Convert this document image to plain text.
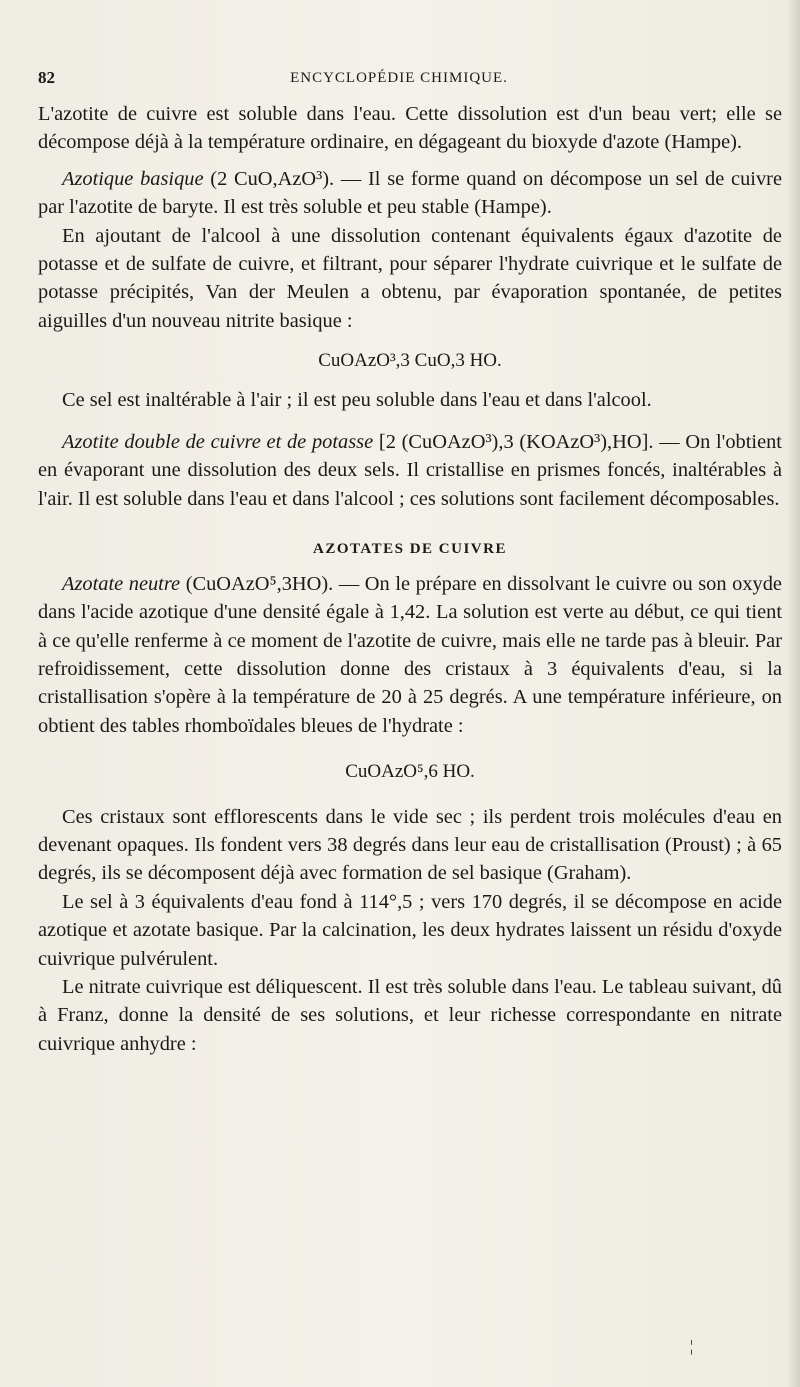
82	ENCYCLOPÉDIE CHIMIQUE.

L'azotite de cuivre est soluble dans l'eau. Cette dissolution est d'un beau vert; elle se décompose déjà à la température ordinaire, en dégageant du bioxyde d'azote (Hampe).

Azotique basique (2 CuO,AzO³). — Il se forme quand on décompose un sel de cuivre par l'azotite de baryte. Il est très soluble et peu stable (Hampe).

En ajoutant de l'alcool à une dissolution contenant équivalents égaux d'azotite de potasse et de sulfate de cuivre, et filtrant, pour séparer l'hydrate cuivrique et le sulfate de potasse précipités, Van der Meulen a obtenu, par évaporation spontanée, de petites aiguilles d'un nouveau nitrite basique :

CuOAzO³,3 CuO,3 HO.

Ce sel est inaltérable à l'air ; il est peu soluble dans l'eau et dans l'alcool.

Azotite double de cuivre et de potasse [2 (CuOAzO³),3 (KOAzO³),HO]. — On l'obtient en évaporant une dissolution des deux sels. Il cristallise en prismes foncés, inaltérables à l'air. Il est soluble dans l'eau et dans l'alcool ; ces solutions sont facilement décomposables.

AZOTATES DE CUIVRE

Azotate neutre (CuOAzO⁵,3HO). — On le prépare en dissolvant le cuivre ou son oxyde dans l'acide azotique d'une densité égale à 1,42. La solution est verte au début, ce qui tient à ce qu'elle renferme à ce moment de l'azotite de cuivre, mais elle ne tarde pas à bleuir. Par refroidissement, cette dissolution donne des cristaux à 3 équivalents d'eau, si la cristallisation s'opère à la température de 20 à 25 degrés. A une température inférieure, on obtient des tables rhomboïdales bleues de l'hydrate :

CuOAzO⁵,6 HO.

Ces cristaux sont efflorescents dans le vide sec ; ils perdent trois molécules d'eau en devenant opaques. Ils fondent vers 38 degrés dans leur eau de cristallisation (Proust) ; à 65 degrés, ils se décomposent déjà avec formation de sel basique (Graham).

Le sel à 3 équivalents d'eau fond à 114°,5 ; vers 170 degrés, il se décompose en acide azotique et azotate basique. Par la calcination, les deux hydrates laissent un résidu d'oxyde cuivrique pulvérulent.

Le nitrate cuivrique est déliquescent. Il est très soluble dans l'eau. Le tableau suivant, dû à Franz, donne la densité de ses solutions, et leur richesse correspondante en nitrate cuivrique anhydre :

¦
